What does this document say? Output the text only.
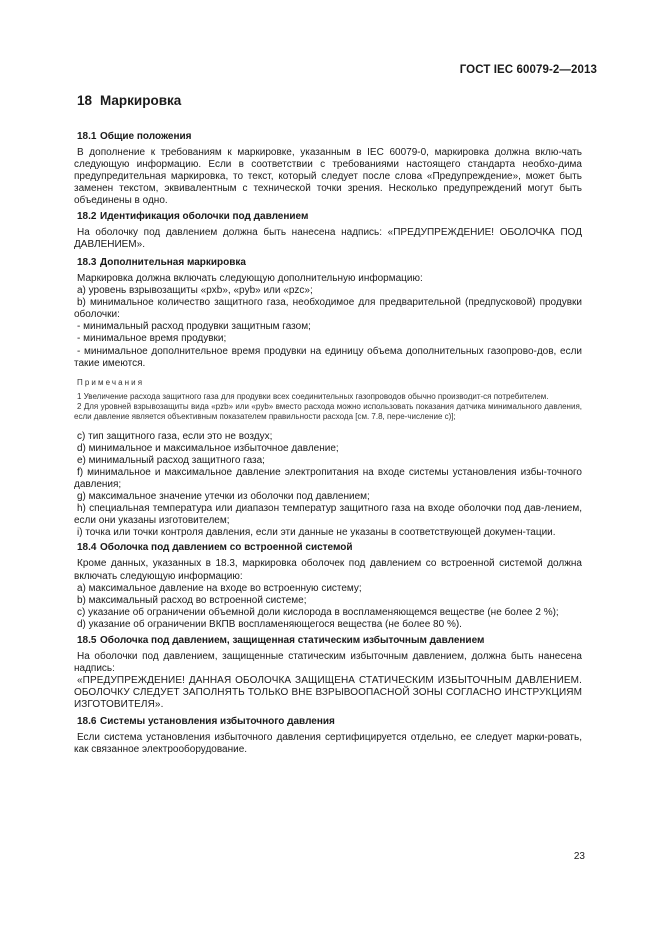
ГОСТ IEC 60079-2—2013
18 Маркировка
18.1 Общие положения

В дополнение к требованиям к маркировке, указанным в IEC 60079-0, маркировка должна вклю-чать следующую информацию. Если в соответствии с требованиями настоящего стандарта необхо-дима предупредительная маркировка, то текст, который следует после слова «Предупреждение», может быть заменен текстом, эквивалентным с технической точки зрения. Несколько предупреждений могут быть объединены в одно.

18.2 Идентификация оболочки под давлением

На оболочку под давлением должна быть нанесена надпись: «ПРЕДУПРЕЖДЕНИЕ! ОБОЛОЧКА ПОД ДАВЛЕНИЕМ».

18.3 Дополнительная маркировка

Маркировка должна включать следующую дополнительную информацию:

а) уровень взрывозащиты «pxb», «pyb» или «pzc»;

b) минимальное количество защитного газа, необходимое для предварительной (предпусковой) продувки оболочки:

- минимальный расход продувки защитным газом;

- минимальное время продувки;

- минимальное дополнительное время продувки на единицу объема дополнительных газопрово-дов, если такие имеются.

Примечания

1 Увеличение расхода защитного газа для продувки всех соединительных газопроводов обычно производит-ся потребителем.

2 Для уровней взрывозащиты вида «pzb» или «pyb» вместо расхода можно использовать показания датчика минимального давления, если давление является объективным показателем правильности расхода [см. 7.8, пере-числение с)];

c) тип защитного газа, если это не воздух;

d) минимальное и максимальное избыточное давление;

е) минимальный расход защитного газа;

f) минимальное и максимальное давление электропитания на входе системы установления избы-точного давления;

g) максимальное значение утечки из оболочки под давлением;

h) специальная температура или диапазон температур защитного газа на входе оболочки под дав-лением, если они указаны изготовителем;

i) точка или точки контроля давления, если эти данные не указаны в соответствующей докумен-тации.

18.4 Оболочка под давлением со встроенной системой

Кроме данных, указанных в 18.3, маркировка оболочек под давлением со встроенной системой должна включать следующую информацию:

а) максимальное давление на входе во встроенную систему;

b) максимальный расход во встроенной системе;

c) указание об ограничении объемной доли кислорода в воспламеняющемся веществе (не более 2 %);

d) указание об ограничении ВКПВ воспламеняющегося вещества (не более 80 %).

18.5 Оболочка под давлением, защищенная статическим избыточным давлением

На оболочки под давлением, защищенные статическим избыточным давлением, должна быть нанесена надпись:

«ПРЕДУПРЕЖДЕНИЕ! ДАННАЯ ОБОЛОЧКА ЗАЩИЩЕНА СТАТИЧЕСКИМ ИЗБЫТОЧНЫМ ДАВЛЕНИЕМ. ОБОЛОЧКУ СЛЕДУЕТ ЗАПОЛНЯТЬ ТОЛЬКО ВНЕ ВЗРЫВООПАСНОЙ ЗОНЫ СОГЛАСНО ИНСТРУКЦИЯМ ИЗГОТОВИТЕЛЯ».

18.6 Системы установления избыточного давления

Если система установления избыточного давления сертифицируется отдельно, ее следует марки-ровать, как связанное электрооборудование.

23
